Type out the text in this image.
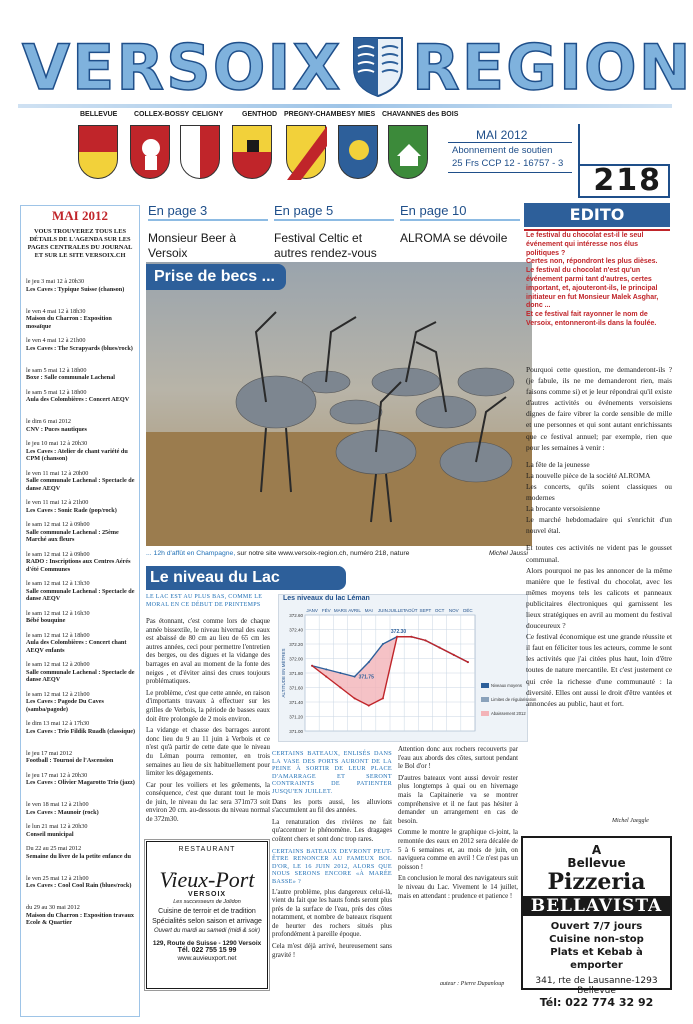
VERSOIX REGION
BELLEVUE COLLEX-BOSSY CELIGNY	GENTHOD PREGNY-CHAMBESY MIES CHAVANNES des BOIS
MAI 2012
Abonnement de soutien
25 Frs CCP 12 - 16757 - 3	218
MAI 2012
VOUS TROUVEREZ TOUS LES DÉTAILS DE L'AGENDA SUR LES PAGES CENTRALES DU JOURNAL ET SUR LE SITE VERSOIX.CH
le jeu 3 mai 12 à 20h30
Les Caves : Typique Suisse (chanson)
le ven 4 mai 12 à 18h30
Maison du Charron : Exposition mosaïque
le ven 4 mai 12 à 21h00
Les Caves : The Scrapyards (blues/rock)
le sam 5 mai 12 à 18h00
Boxe : Salle communale Lachenal
le sam 5 mai 12 à 18h00
Aula des Colombières : Concert AEQV
le dim 6 mai 2012
CNV : Puces nautiques
le jeu 10 mai 12 à 20h30
Les Caves : Atelier de chant variété du CPM (chanson)
le ven 11 mai 12 à 20h00
Salle communale Lachenal : Spectacle de danse AEQV
le ven 11 mai 12 à 21h00
Les Caves : Sonic Rade (pop/rock)
le sam 12 mai 12 à 09h00
Salle communale Lachenal : 25ème Marché aux fleurs
le sam 12 mai 12 à 09h00
RADO : Inscriptions aux Centres Aérés d'été Communes
le sam 12 mai 12 à 13h30
Salle communale Lachenal : Spectacle de danse AEQV
le sam 12 mai 12 à 16h30
Bébé bouquine
le sam 12 mai 12 à 18h00
Aula des Colombières : Concert chant AEQV enfants
le sam 12 mai 12 à 20h00
Salle communale Lachenal : Spectacle de danse AEQV
le sam 12 mai 12 à 21h00
Les Caves : Pagode Du Caves (samba/pagode)
le dim 13 mai 12 à 17h30
Les Caves : Trio Fildik Ruadh (classique)
le jeu 17 mai 2012
Football : Tournoi de l'Ascension
le jeu 17 mai 12 à 20h30
Les Caves : Olivier Magarotto Trio (jazz)
le ven 18 mai 12 à 21h00
Les Caves : Maunoir (rock)
le lun 21 mai 12 à 20h30
Conseil municipal
Du 22 au 25 mai 2012
Semaine du livre de la petite enfance du
le ven 25 mai 12 à 21h00
Les Caves : Cool Cool Rain (blues/rock)
du 29 au 30 mai 2012
Maison du Charron : Exposition travaux Ecole & Quartier
En page 3
Monsieur Beer à Versoix
En page 5
Festival Celtic et autres rendez-vous
En page 10
ALROMA se dévoile
Prise de becs ...
... 12h d'affût en Champagne, sur notre site www.versoix-region.ch, numéro 218, nature	Michel Jaussi
Le niveau du Lac
LE LAC EST AU PLUS BAS, COMME LE MORAL EN CE DÉBUT DE PRINTEMPS

Pas étonnant, c'est comme lors de chaque année bissextile, le niveau hivernal des eaux est abaissé de 80 cm au lieu de 65 cm les autres années, ceci pour permettre l'entretien des berges, ou des digues et la vidange des barrages en aval au moment de la fonte des neiges , et d'éviter ainsi des crues toujours problématiques.

Le problème, c'est que cette année, en raison d'importants travaux à effectuer sur les grilles de Verbois, la période de basses eaux doit être prolongée de 2 mois environ.

La vidange et chasse des barrages auront donc lieu du 9 au 11 juin à Verbois et ce n'est qu'à partir de cette date que le niveau du Léman pourra remonter, en trois semaines au lieu de six habituellement pour limiter les dégagements.

Car pour les voiliers et les grêements, la conséquence, c'est que durant tout le mois de juin, le niveau du lac sera 371m73 soit environ 20 cm. au-dessous du niveau normal de 372m30.

Les niveaux du lac Léman
371.00
371.20
371.40
371.60
371.80
372.00
372.20
372.40
372.60
JANV FÉV MARS AVRIL MAI JUIN JUILLET AOÛT SEPT OCT NOV DÉC
ALTITUDE EN MÈTRES
372.30
371.75
Niveaux moyens
Limites de régularisation
Abaissement 2012

CERTAINS BATEAUX, ENLISÉS DANS LA VASE DES PORTS AURONT DE LA PEINE À SORTIR DE LEUR PLACE D'AMARRAGE ET SERONT CONTRAINTS DE PATIENTER JUSQU'EN JUILLET.

Dans les ports aussi, les alluvions s'accumulent au fil des années.

La renaturation des rivières ne fait qu'accentuer le phénomène. Les dragages coûtent chers et sont donc trop rares.

CERTAINS BATEAUX DEVRONT PEUT-ÊTRE RENONCER AU FAMEUX BOL D'OR, LE 16 JUIN 2012, ALORS QUE NOUS SERONS ENCORE «À MARÉE BASSE» ?

L'autre problème, plus dangereux celui-là, vient du fait que les hauts fonds seront plus près de la surface de l'eau, près des côtes notamment, et nombre de bateaux risquent de heurter des rochers situés plus profondément à pareille époque.

Cela m'est déjà arrivé, heureusement sans gravité !

Attention donc aux rochers recouverts par l'eau aux abords des côtes, surtout pendant le Bol d'or !

D'autres bateaux vont aussi devoir rester plus longtemps à quai ou en hivernage mais la Capitainerie va se montrer compréhensive et il ne faut pas hésiter à demander un arrangement en cas de besoin.

Comme le montre le graphique ci-joint, la remontée des eaux en 2012 sera décalée de 5 à 6 semaines et, au mois de juin, on naviguera comme en avril ! Ce n'est pas un poisson !

En conclusion le moral des navigateurs suit le niveau du Lac. Vivement le 14 juillet, mais en attendant : prudence et patience !

auteur : Pierre Dupanloup
RESTAURANT
Vieux-Port
VERSOIX
Les successeurs de Jolidon
Cuisine de terroir et de tradition
Spécialités selon saison et arrivage
Ouvert du mardi au samedi (midi & soir)
129, Route de Suisse - 1290 Versoix
Tél. 022 755 15 99
www.auvieuxport.net
EDITO
Le festival du chocolat est-il le seul événement qui intéresse nos élus politiques ?
Certes non, répondront les plus dièses.
Le festival du chocolat n'est qu'un événement parmi tant d'autres, certes important, et, ajouteront-ils, le principal initiateur en fut Monsieur Malek Asghar, donc ...
Et ce festival fait rayonner le nom de Versoix, entonneront-ils dans la foulée.

Pourquoi cette question, me demanderont-ils ? (je fabule, ils ne me demanderont rien, mais faisons comme si) et je leur répondrai qu'il existe d'autres activités ou événements versoisiens dignes de faire vibrer la corde sensible de mille et une personnes et qui sont autant enrichissants que ce festival annuel; par exemple, rien que pour les semaines à venir :

La fête de la jeunesse
La nouvelle pièce de la société ALROMA
Les concerts, qu'ils soient classiques ou modernes
La brocante versoisienne
Le marché hebdomadaire qui s'enrichit d'un nouvel étal.

Et toutes ces activités ne vident pas le gousset communal.

Alors pourquoi ne pas les annoncer de la même manière que le festival du chocolat, avec les mêmes moyens tels les calicots et panneaux publicitaires électroniques qui garnissent les lieux stratégiques en avril au moment du festival douceureux ?

Ce festival économique est une grande réussite et il faut en féliciter tous les acteurs, comme le sont les activités que j'ai citées plus haut, loin d'être toutes de nature mercantile. Et c'est justement ce qui crée la richesse d'une communauté : la diversité. Elles ont aussi le droit d'être vantées et annoncées au public, haut et fort.

Michel Jaeggle
A
Bellevue
Pizzeria
BELLAVISTA
Ouvert 7/7 jours
Cuisine non-stop
Plats et Kebab à emporter
341, rte de Lausanne-1293 Bellevue
Tél: 022 774 32 92
